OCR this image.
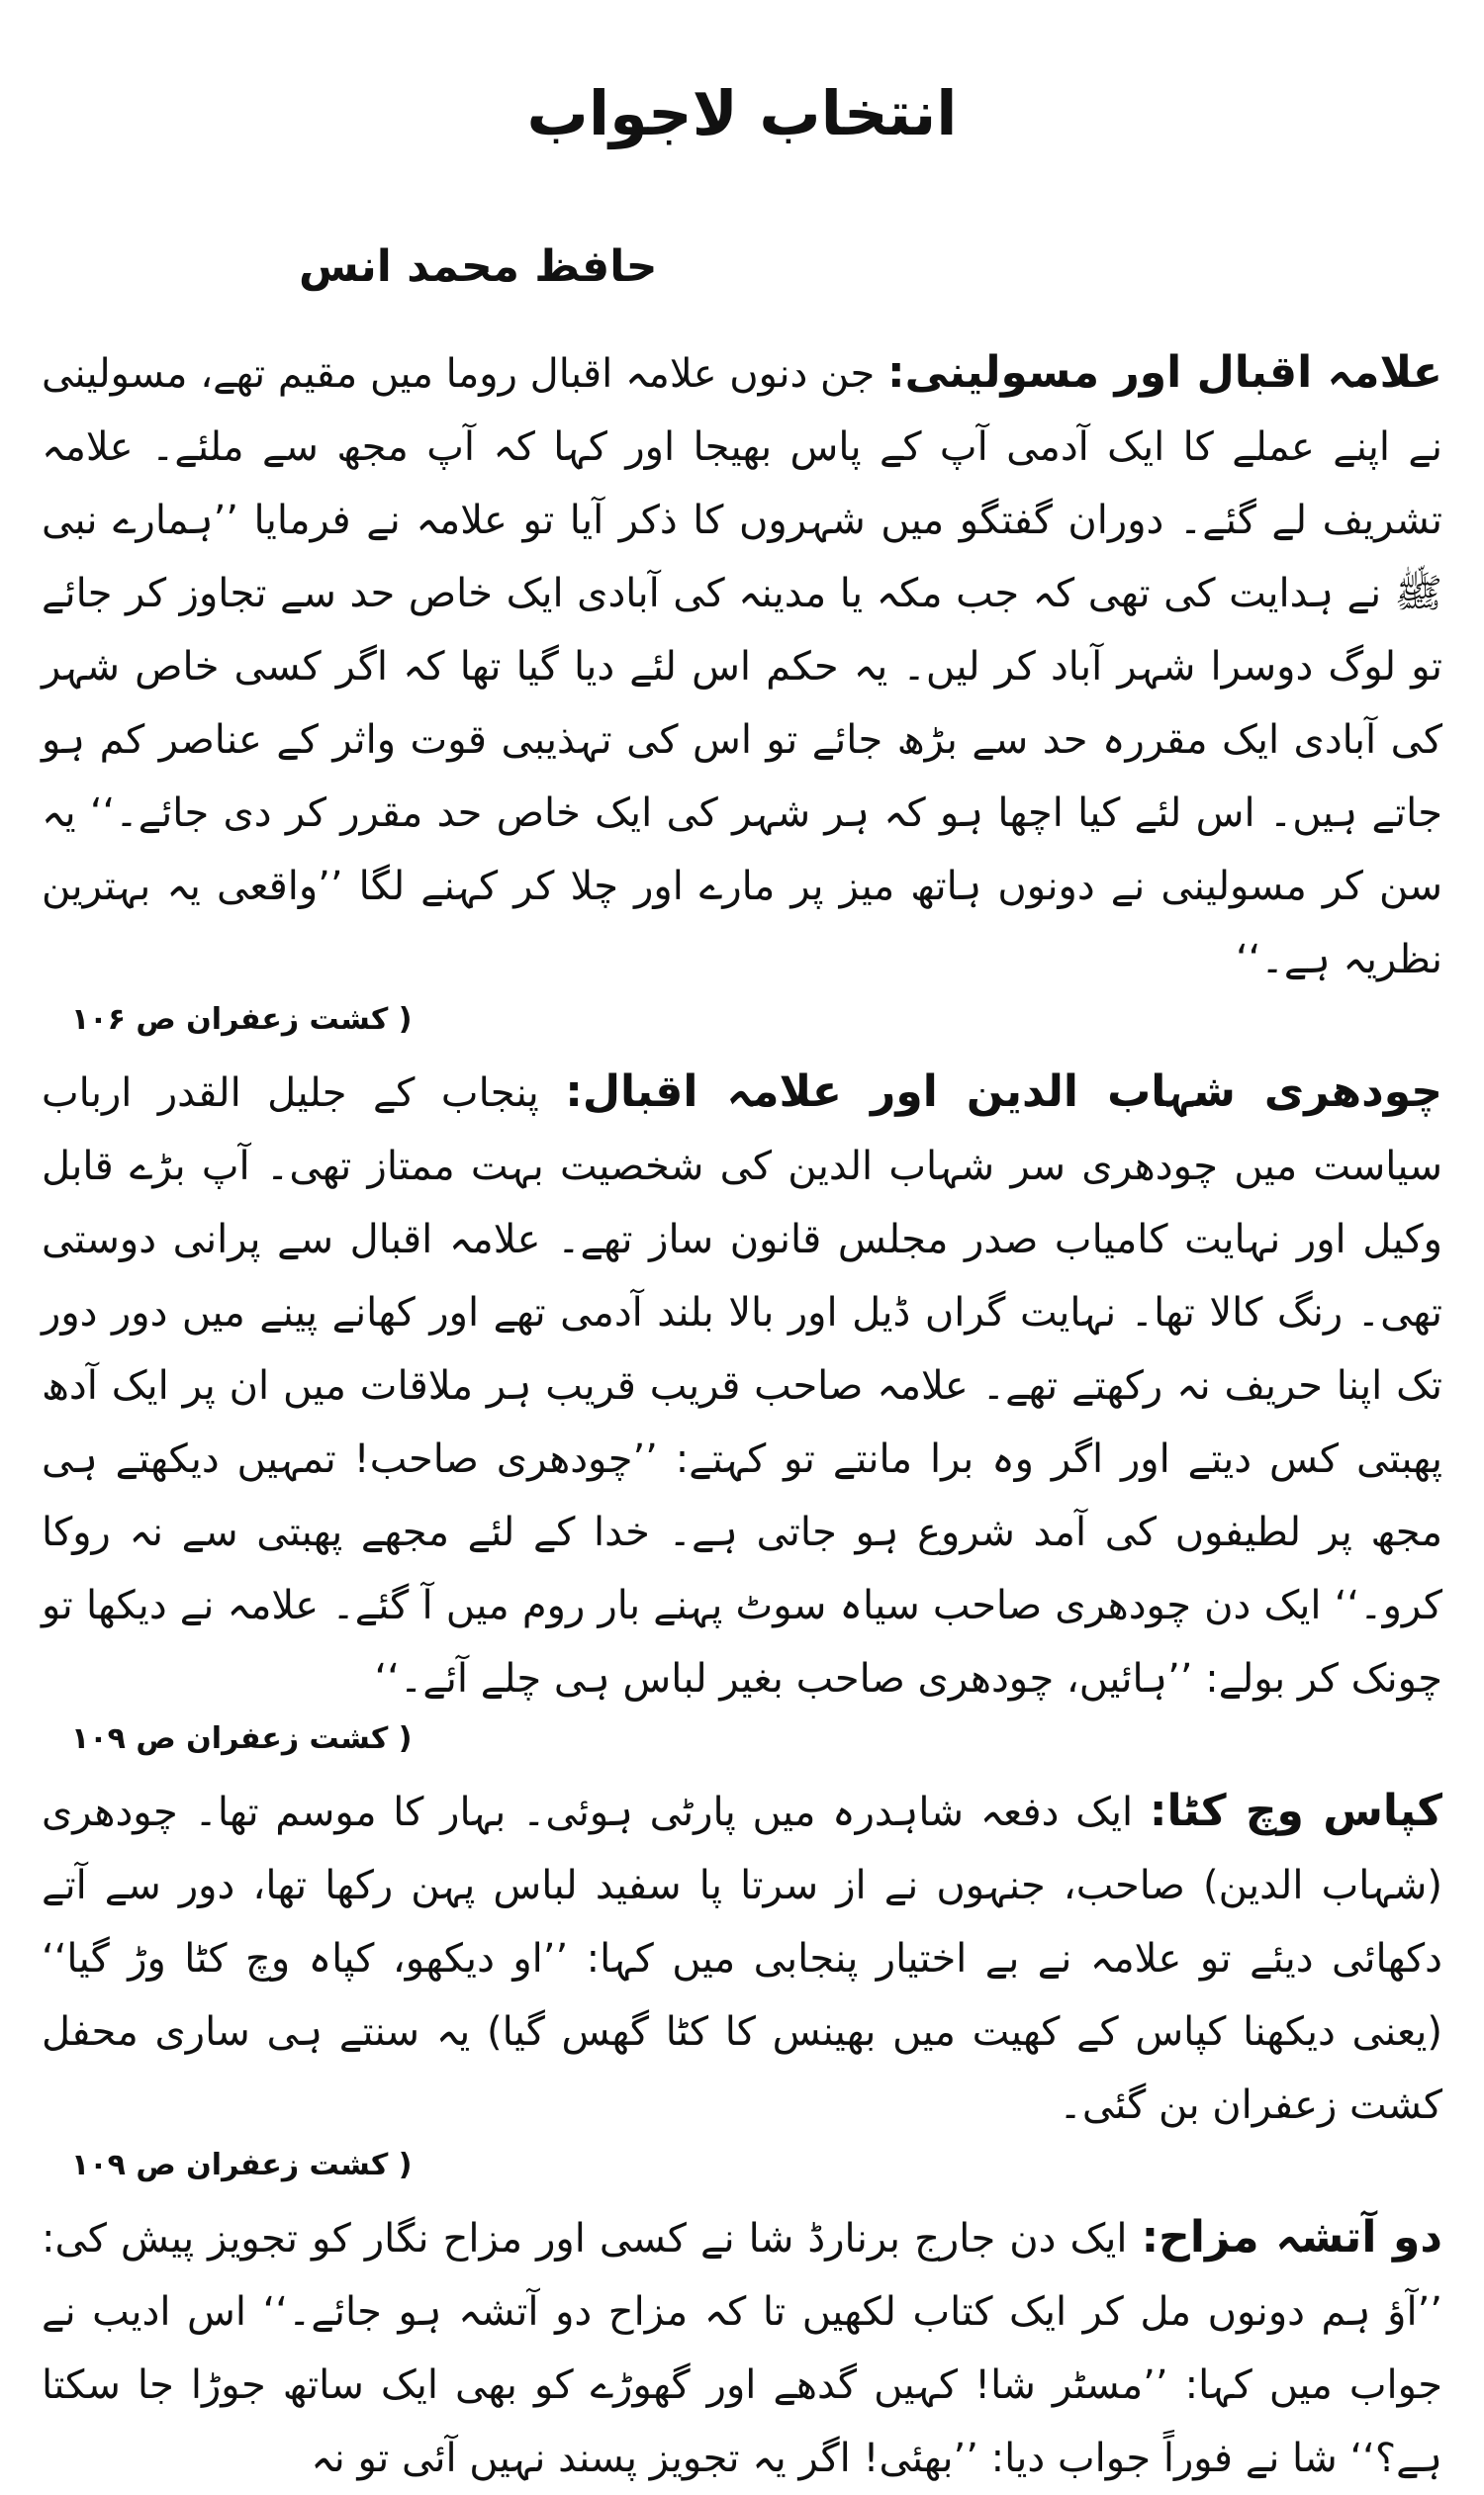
انتخاب لاجواب
حافظ محمد انس

علامہ اقبال اور مسولینی: جن دنوں علامہ اقبال روما میں مقیم تھے، مسولینی نے اپنے عملے کا ایک آدمی آپ کے پاس بھیجا اور کہا کہ آپ مجھ سے ملئے۔ علامہ تشریف لے گئے۔ دوران گفتگو میں شہروں کا ذکر آیا تو علامہ نے فرمایا ’’ہمارے نبی ﷺ نے ہدایت کی تھی کہ جب مکہ یا مدینہ کی آبادی ایک خاص حد سے تجاوز کر جائے تو لوگ دوسرا شہر آباد کر لیں۔ یہ حکم اس لئے دیا گیا تھا کہ اگر کسی خاص شہر کی آبادی ایک مقررہ حد سے بڑھ جائے تو اس کی تہذیبی قوت واثر کے عناصر کم ہو جاتے ہیں۔ اس لئے کیا اچھا ہو کہ ہر شہر کی ایک خاص حد مقرر کر دی جائے۔‘‘ یہ سن کر مسولینی نے دونوں ہاتھ میز پر مارے اور چلا کر کہنے لگا ’’واقعی یہ بہترین نظریہ ہے۔‘‘

( کشت زعفران ص ۱۰۶

چودھری شہاب الدین اور علامہ اقبال: پنجاب کے جلیل القدر ارباب سیاست میں چودھری سر شہاب الدین کی شخصیت بہت ممتاز تھی۔ آپ بڑے قابل وکیل اور نہایت کامیاب صدر مجلس قانون ساز تھے۔ علامہ اقبال سے پرانی دوستی تھی۔ رنگ کالا تھا۔ نہایت گراں ڈیل اور بالا بلند آدمی تھے اور کھانے پینے میں دور دور تک اپنا حریف نہ رکھتے تھے۔ علامہ صاحب قریب قریب ہر ملاقات میں ان پر ایک آدھ پھبتی کس دیتے اور اگر وہ برا مانتے تو کہتے: ’’چودھری صاحب! تمہیں دیکھتے ہی مجھ پر لطیفوں کی آمد شروع ہو جاتی ہے۔ خدا کے لئے مجھے پھبتی سے نہ روکا کرو۔‘‘ ایک دن چودھری صاحب سیاہ سوٹ پہنے بار روم میں آ گئے۔ علامہ نے دیکھا تو چونک کر بولے: ’’ہائیں، چودھری صاحب بغیر لباس ہی چلے آئے۔‘‘

( کشت زعفران ص ۱۰۹

کپاس وچ کٹا: ایک دفعہ شاہدرہ میں پارٹی ہوئی۔ بہار کا موسم تھا۔ چودھری (شہاب الدین) صاحب، جنہوں نے از سرتا پا سفید لباس پہن رکھا تھا، دور سے آتے دکھائی دیئے تو علامہ نے بے اختیار پنجابی میں کہا: ’’او دیکھو، کپاہ وچ کٹا وڑ گیا‘‘ (یعنی دیکھنا کپاس کے کھیت میں بھینس کا کٹا گھس گیا) یہ سنتے ہی ساری محفل کشت زعفران بن گئی۔

( کشت زعفران ص ۱۰۹

دو آتشہ مزاح: ایک دن جارج برنارڈ شا نے کسی اور مزاح نگار کو تجویز پیش کی: ’’آؤ ہم دونوں مل کر ایک کتاب لکھیں تا کہ مزاح دو آتشہ ہو جائے۔‘‘ اس ادیب نے جواب میں کہا: ’’مسٹر شا! کہیں گدھے اور گھوڑے کو بھی ایک ساتھ جوڑا جا سکتا ہے؟‘‘ شا نے فوراً جواب دیا: ’’بھئی! اگر یہ تجویز پسند نہیں آئی تو نہ
